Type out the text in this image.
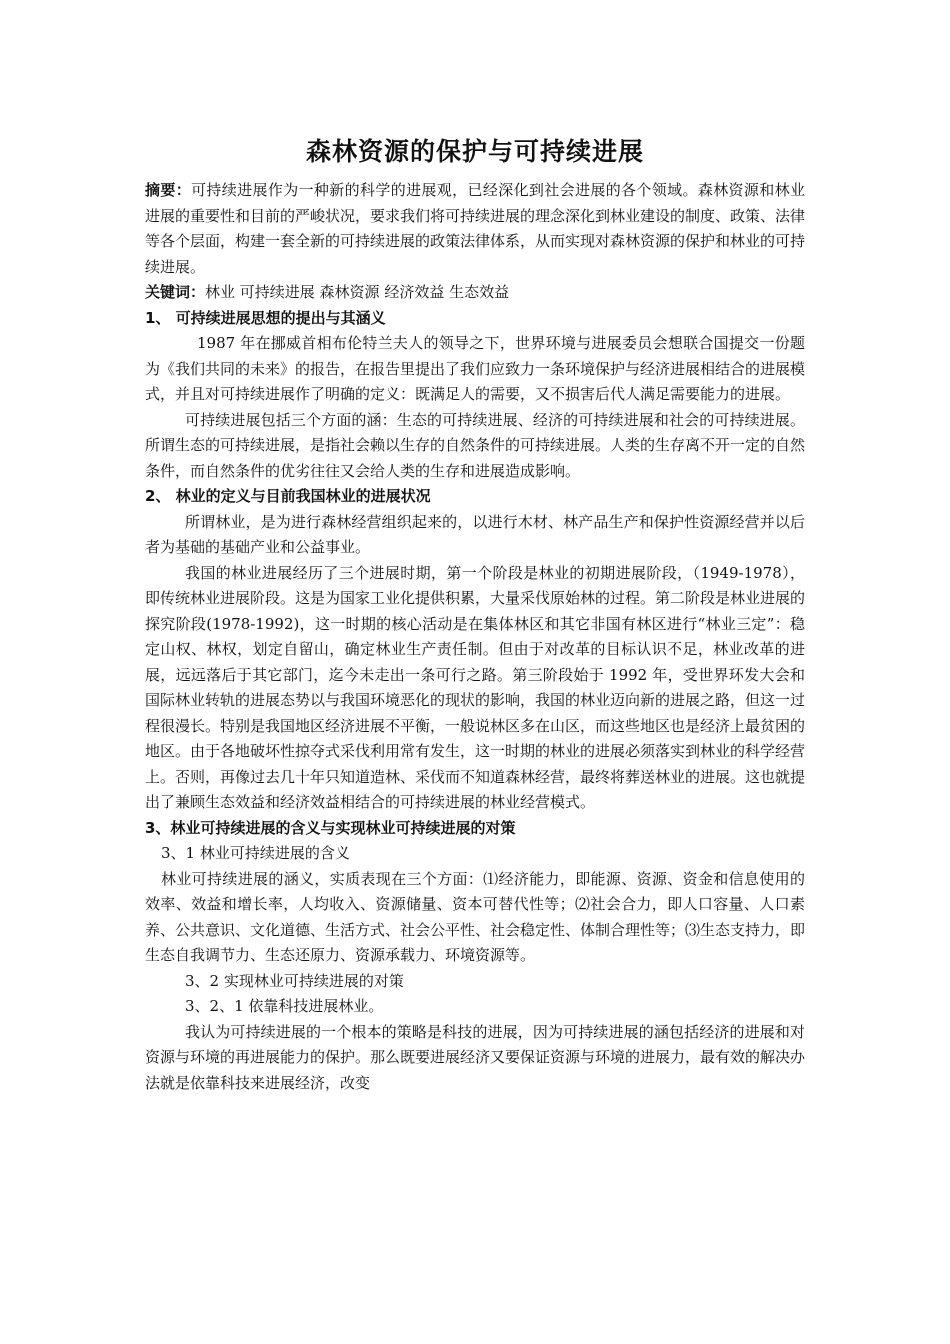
森林资源的保护与可持续进展

摘要：可持续进展作为一种新的科学的进展观，已经深化到社会进展的各个领域。森林资源和林业进展的重要性和目前的严峻状况，要求我们将可持续进展的理念深化到林业建设的制度、政策、法律等各个层面，构建一套全新的可持续进展的政策法律体系，从而实现对森林资源的保护和林业的可持续进展。

关键词：林业 可持续进展 森林资源 经济效益 生态效益

1、 可持续进展思想的提出与其涵义

1987 年在挪威首相布伦特兰夫人的领导之下，世界环境与进展委员会想联合国提交一份题为《我们共同的未来》的报告，在报告里提出了我们应致力一条环境保护与经济进展相结合的进展模式，并且对可持续进展作了明确的定义：既满足人的需要，又不损害后代人满足需要能力的进展。

可持续进展包括三个方面的涵：生态的可持续进展、经济的可持续进展和社会的可持续进展。 所谓生态的可持续进展，是指社会赖以生存的自然条件的可持续进展。人类的生存离不开一定的自然条件，而自然条件的优劣往往又会给人类的生存和进展造成影响。

2、 林业的定义与目前我国林业的进展状况

所谓林业，是为进行森林经营组织起来的，以进行木材、林产品生产和保护性资源经营并以后者为基础的基础产业和公益事业。

我国的林业进展经历了三个进展时期，第一个阶段是林业的初期进展阶段，（1949-1978），即传统林业进展阶段。这是为国家工业化提供积累，大量采伐原始林的过程。第二阶段是林业进展的探究阶段(1978-1992)，这一时期的核心活动是在集体林区和其它非国有林区进行“林业三定”：稳定山权、林权，划定自留山，确定林业生产责任制。但由于对改革的目标认识不足，林业改革的进展，远远落后于其它部门，迄今未走出一条可行之路。第三阶段始于 1992 年，受世界环发大会和国际林业转轨的进展态势以与我国环境恶化的现状的影响，我国的林业迈向新的进展之路，但这一过程很漫长。特别是我国地区经济进展不平衡，一般说林区多在山区，而这些地区也是经济上最贫困的地区。由于各地破坏性掠夺式采伐利用常有发生，这一时期的林业的进展必须落实到林业的科学经营上。否则，再像过去几十年只知道造林、采伐而不知道森林经营，最终将葬送林业的进展。这也就提出了兼顾生态效益和经济效益相结合的可持续进展的林业经营模式。

3、林业可持续进展的含义与实现林业可持续进展的对策

3、1 林业可持续进展的含义

林业可持续进展的涵义，实质表现在三个方面：⑴经济能力，即能源、资源、资金和信息使用的效率、效益和增长率，人均收入、资源储量、资本可替代性等；⑵社会合力，即人口容量、人口素养、公共意识、文化道德、生活方式、社会公平性、社会稳定性、体制合理性等；⑶生态支持力，即生态自我调节力、生态还原力、资源承载力、环境资源等。

3、2 实现林业可持续进展的对策

3、2、1 依靠科技进展林业。

我认为可持续进展的一个根本的策略是科技的进展，因为可持续进展的涵包括经济的进展和对资源与环境的再进展能力的保护。那么既要进展经济又要保证资源与环境的进展力，最有效的解决办法就是依靠科技来进展经济，改变
